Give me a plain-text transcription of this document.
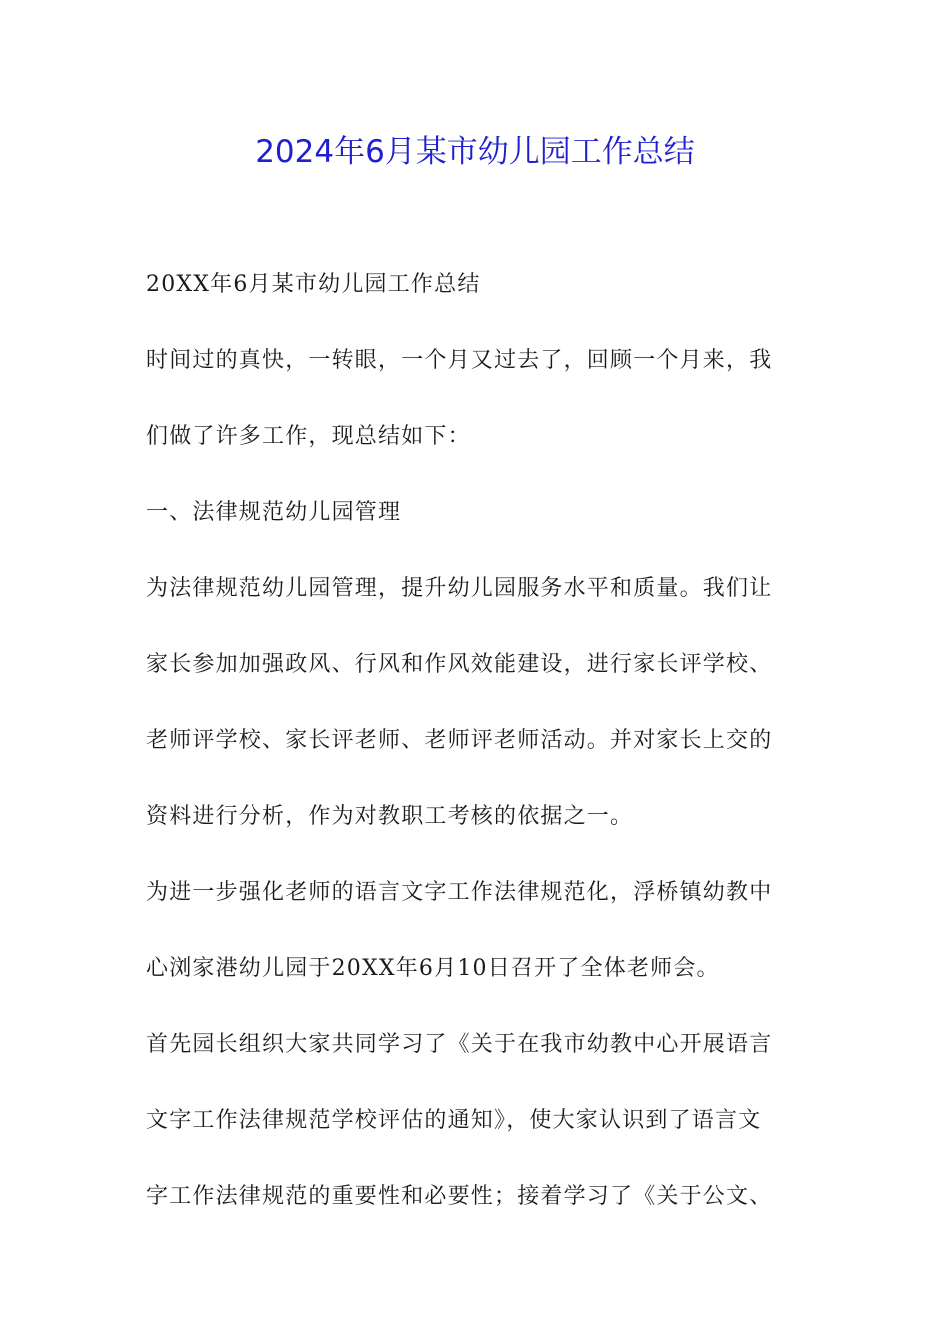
2024年6月某市幼儿园工作总结

20XX年6月某市幼儿园工作总结

时间过的真快，一转眼，一个月又过去了，回顾一个月来，我

们做了许多工作，现总结如下：

一、法律规范幼儿园管理

为法律规范幼儿园管理，提升幼儿园服务水平和质量。我们让

家长参加加强政风、行风和作风效能建设，进行家长评学校、

老师评学校、家长评老师、老师评老师活动。并对家长上交的

资料进行分析，作为对教职工考核的依据之一。

为进一步强化老师的语言文字工作法律规范化，浮桥镇幼教中

心浏家港幼儿园于20XX年6月10日召开了全体老师会。

首先园长组织大家共同学习了《关于在我市幼教中心开展语言

文字工作法律规范学校评估的通知》，使大家认识到了语言文

字工作法律规范的重要性和必要性；接着学习了《关于公文、
